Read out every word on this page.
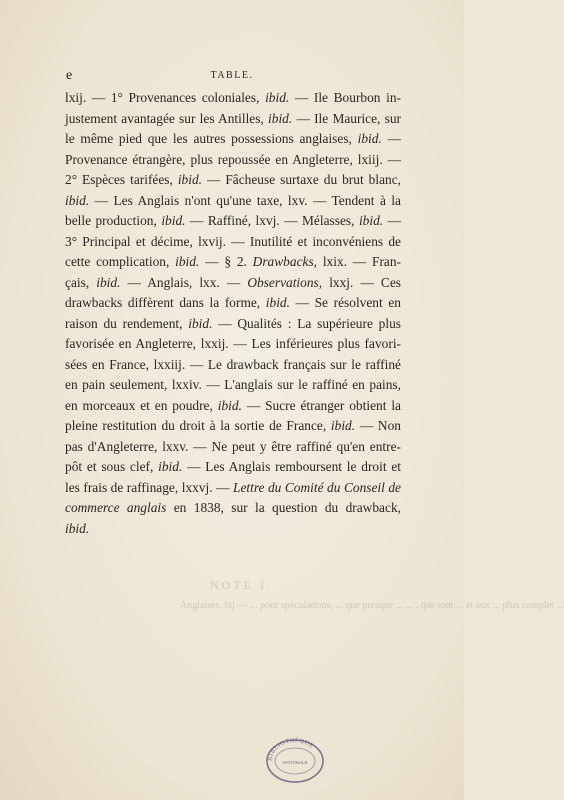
e	TABLE.
lxij. — 1° Provenances coloniales, ibid. — Ile Bourbon in-
justement avantagée sur les Antilles, ibid. — Ile Maurice, sur
le même pied que les autres possessions anglaises, ibid. —
Provenance étrangère, plus repoussée en Angleterre, lxiij. —
2° Espèces tarifées, ibid. — Fâcheuse surtaxe du brut blanc,
ibid. — Les Anglais n'ont qu'une taxe, lxv. — Tendent à la
belle production, ibid. — Raffiné, lxvj. — Mélasses, ibid. —
3° Principal et décime, lxvij. — Inutilité et inconvéniens de
cette complication, ibid. — § 2. Drawbacks, lxix. — Fran-
çais, ibid. — Anglais, lxx. — Observations, lxxj. — Ces
drawbacks diffèrent dans la forme, ibid. — Se résolvent en
raison du rendement, ibid. — Qualités : La supérieure plus
favorisée en Angleterre, lxxij. — Les inférieures plus favori-
sées en France, lxxiij. — Le drawback français sur le raffiné
en pain seulement, lxxiv. — L'anglais sur le raffiné en pains,
en morceaux et en poudre, ibid. — Sucre étranger obtient la
pleine restitution du droit à la sortie de France, ibid. — Non
pas d'Angleterre, lxxv. — Ne peut y être raffiné qu'en entre-
pôt et sous clef, ibid. — Les Anglais remboursent le droit et
les frais de raffinage, lxxvj. — Lettre du Comité du Conseil de
commerce anglais en 1838, sur la question du drawback,
ibid.
NOTE I.
Anglaises, lxj — ... pour spéculations, ... que presque ... ... , que tout ... et aux ... plus complet ...
BIBLIOTHÈQUE
NATIONALE
